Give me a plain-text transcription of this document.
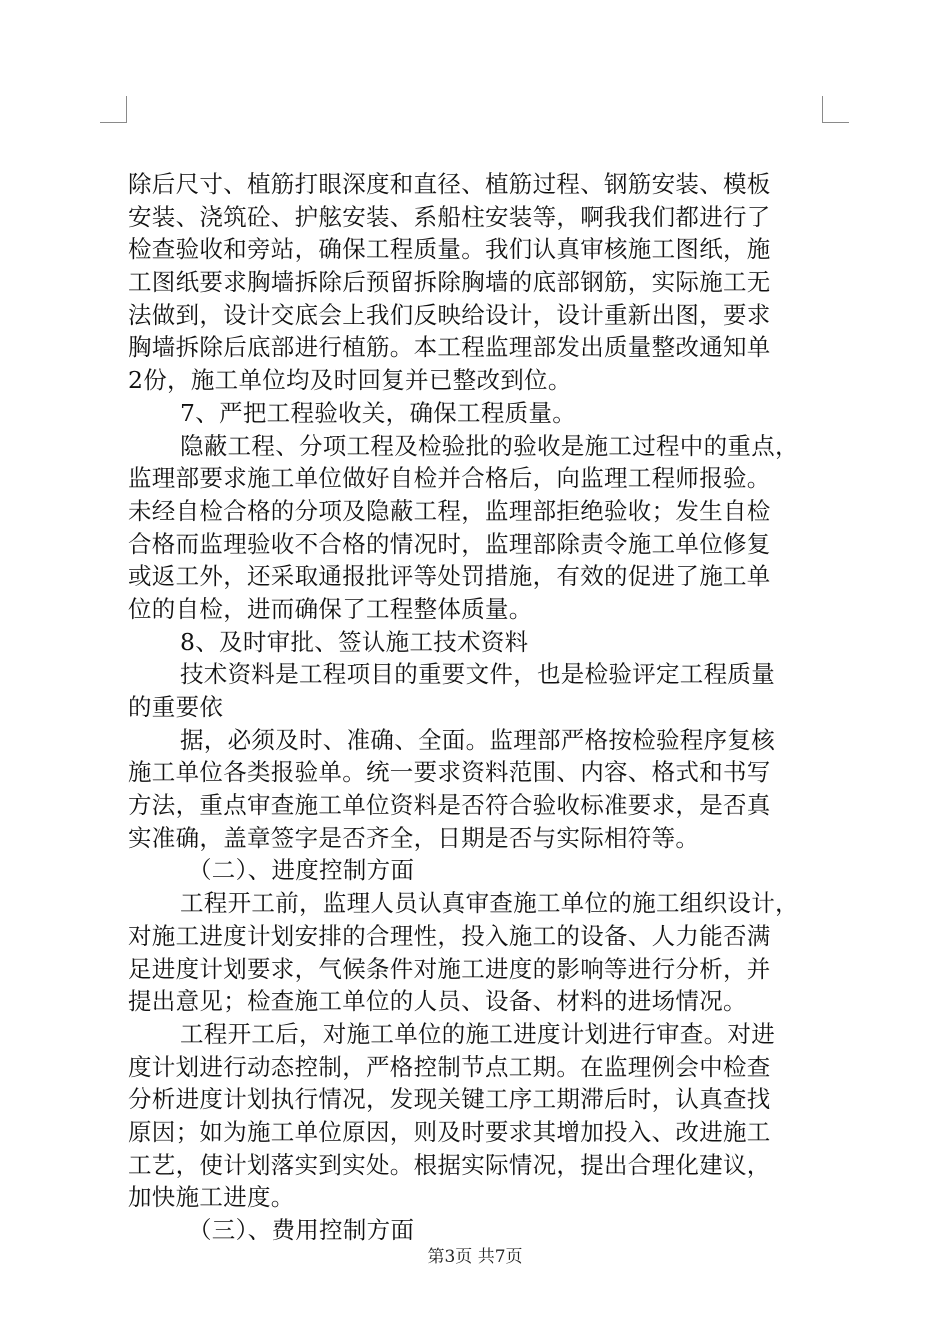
除后尺寸、植筋打眼深度和直径、植筋过程、钢筋安装、模板
安装、浇筑砼、护舷安装、系船柱安装等，啊我我们都进行了
检查验收和旁站，确保工程质量。我们认真审核施工图纸，施
工图纸要求胸墙拆除后预留拆除胸墙的底部钢筋，实际施工无
法做到，设计交底会上我们反映给设计，设计重新出图，要求
胸墙拆除后底部进行植筋。本工程监理部发出质量整改通知单
2份，施工单位均及时回复并已整改到位。
7、严把工程验收关，确保工程质量。
隐蔽工程、分项工程及检验批的验收是施工过程中的重点，
监理部要求施工单位做好自检并合格后，向监理工程师报验。
未经自检合格的分项及隐蔽工程，监理部拒绝验收；发生自检
合格而监理验收不合格的情况时，监理部除责令施工单位修复
或返工外，还采取通报批评等处罚措施，有效的促进了施工单
位的自检，进而确保了工程整体质量。
8、及时审批、签认施工技术资料
技术资料是工程项目的重要文件，也是检验评定工程质量
的重要依
据，必须及时、准确、全面。监理部严格按检验程序复核
施工单位各类报验单。统一要求资料范围、内容、格式和书写
方法，重点审查施工单位资料是否符合验收标准要求，是否真
实准确，盖章签字是否齐全，日期是否与实际相符等。
（二）、进度控制方面
工程开工前，监理人员认真审查施工单位的施工组织设计，
对施工进度计划安排的合理性，投入施工的设备、人力能否满
足进度计划要求，气候条件对施工进度的影响等进行分析，并
提出意见；检查施工单位的人员、设备、材料的进场情况。
工程开工后，对施工单位的施工进度计划进行审查。对进
度计划进行动态控制，严格控制节点工期。在监理例会中检查
分析进度计划执行情况，发现关键工序工期滞后时，认真查找
原因；如为施工单位原因，则及时要求其增加投入、改进施工
工艺，使计划落实到实处。根据实际情况，提出合理化建议，
加快施工进度。
（三）、费用控制方面
第3页 共7页
